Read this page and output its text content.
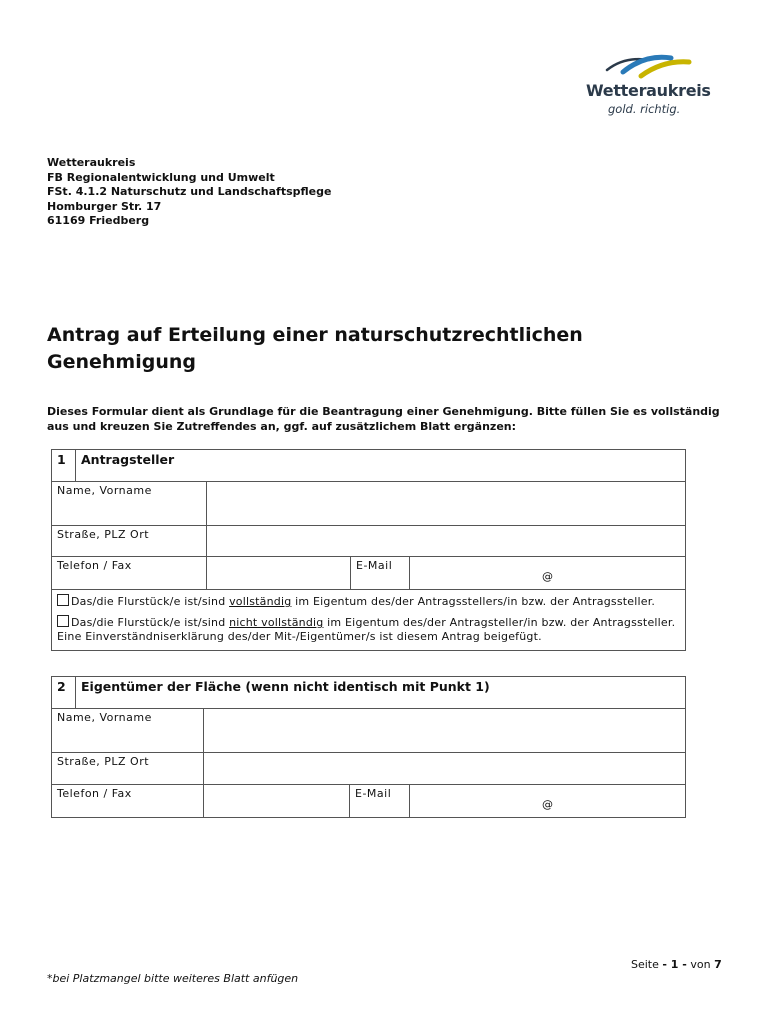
Wetteraukreis
gold. richtig.
Wetteraukreis
FB Regionalentwicklung und Umwelt
FSt. 4.1.2 Naturschutz und Landschaftspflege
Homburger Str. 17
61169 Friedberg
Antrag auf Erteilung einer naturschutzrechtlichen Genehmigung
Dieses Formular dient als Grundlage für die Beantragung einer Genehmigung. Bitte füllen Sie es vollständig aus und kreuzen Sie Zutreffendes an, ggf. auf zusätzlichem Blatt ergänzen:
1	Antragsteller			
Name, Vorname				
Straße, PLZ Ort				
Telefon / Fax			E-Mail	@

Das/die Flurstück/e ist/sind vollständig im Eigentum des/der Antragsstellers/in bzw. der Antragssteller.
Das/die Flurstück/e ist/sind nicht vollständig im Eigentum des/der Antragsteller/in bzw. der Antragssteller. Eine Einverständniserklärung des/der Mit-/Eigentümer/s ist diesem Antrag beigefügt.				
2	Eigentümer der Fläche (wenn nicht identisch mit Punkt 1)			
Name, Vorname				
Straße, PLZ Ort				
Telefon / Fax			E-Mail	@
Seite - 1 - von 7
*bei Platzmangel bitte weiteres Blatt anfügen
